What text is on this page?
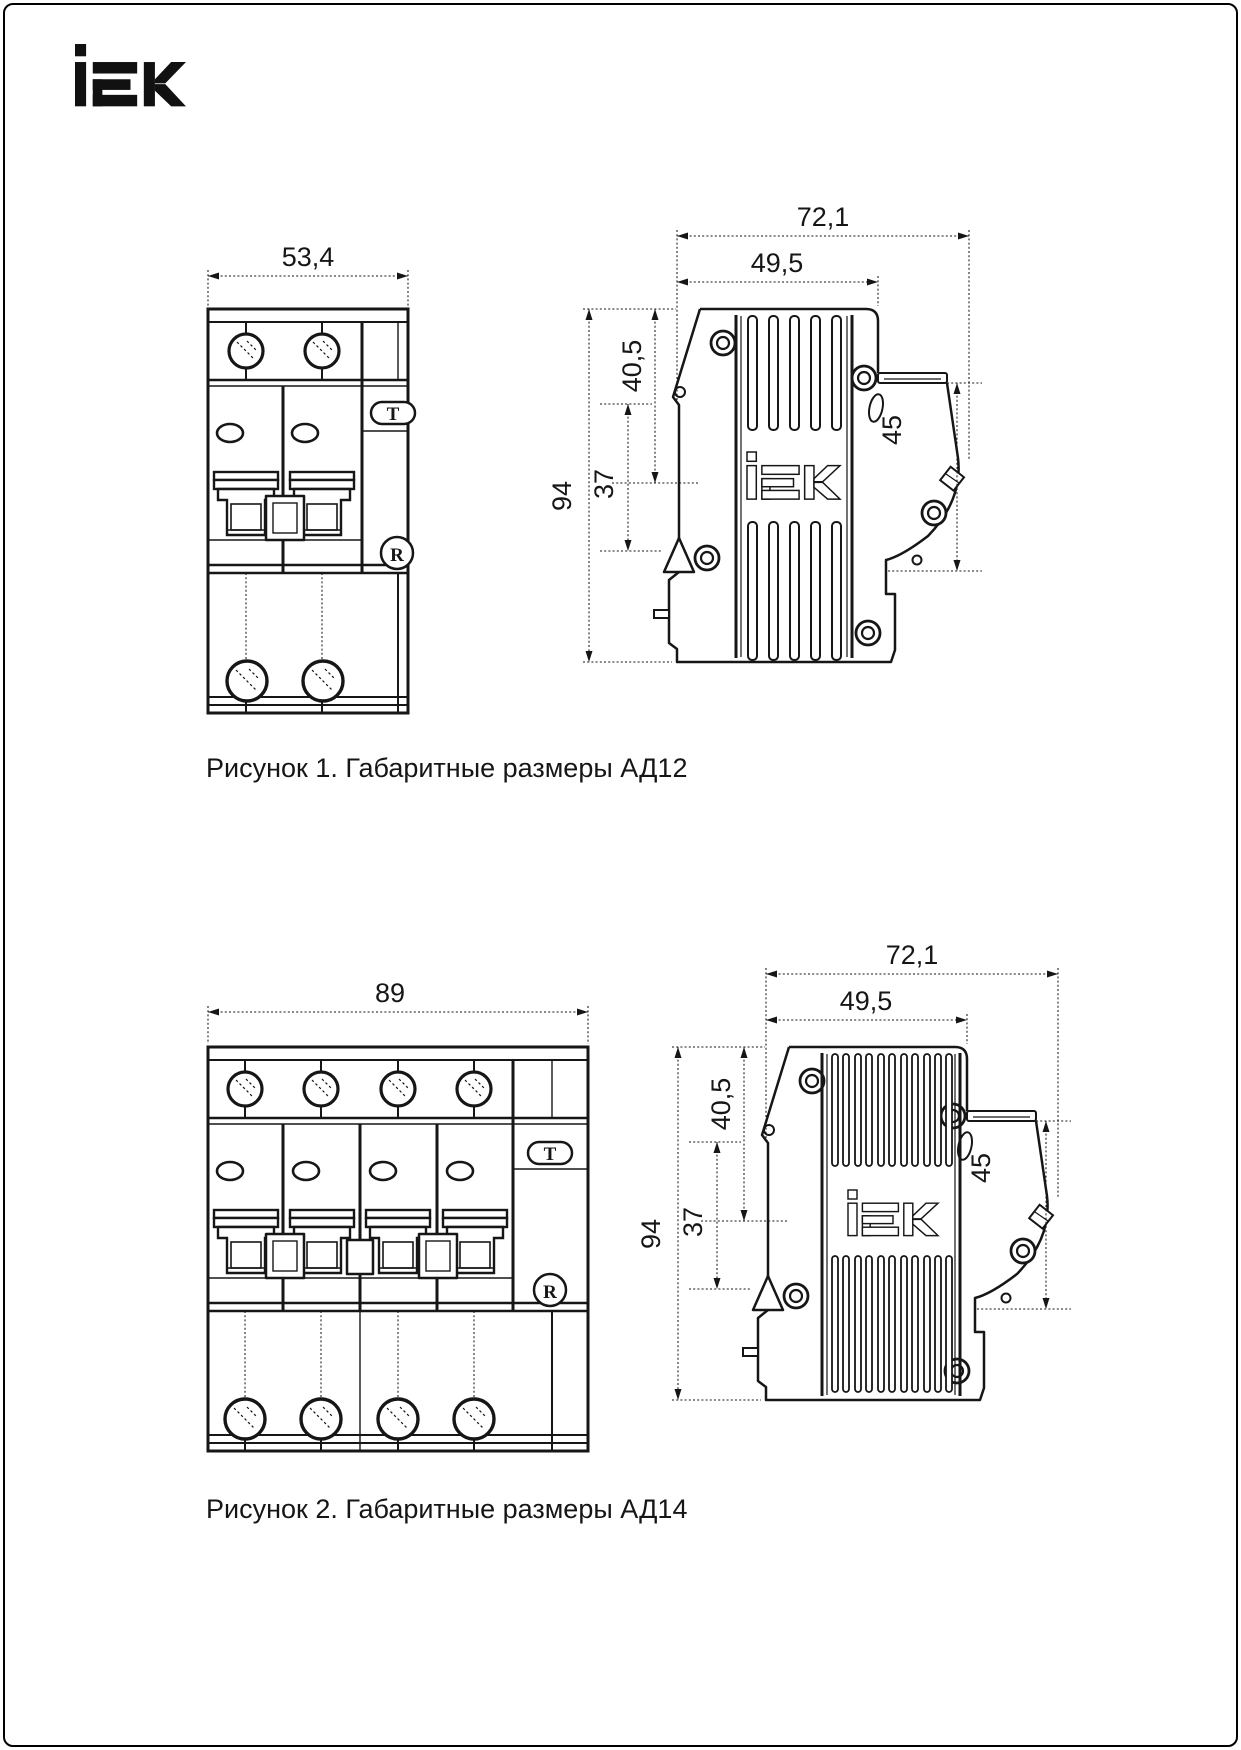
T
R
53,4
72,1
49,5
94
40,5
37
45
T
R
89
72,1
49,5
94
40,5
37
45
Рисунок 1. Габаритные размеры АД12
Рисунок 2. Габаритные размеры АД14
